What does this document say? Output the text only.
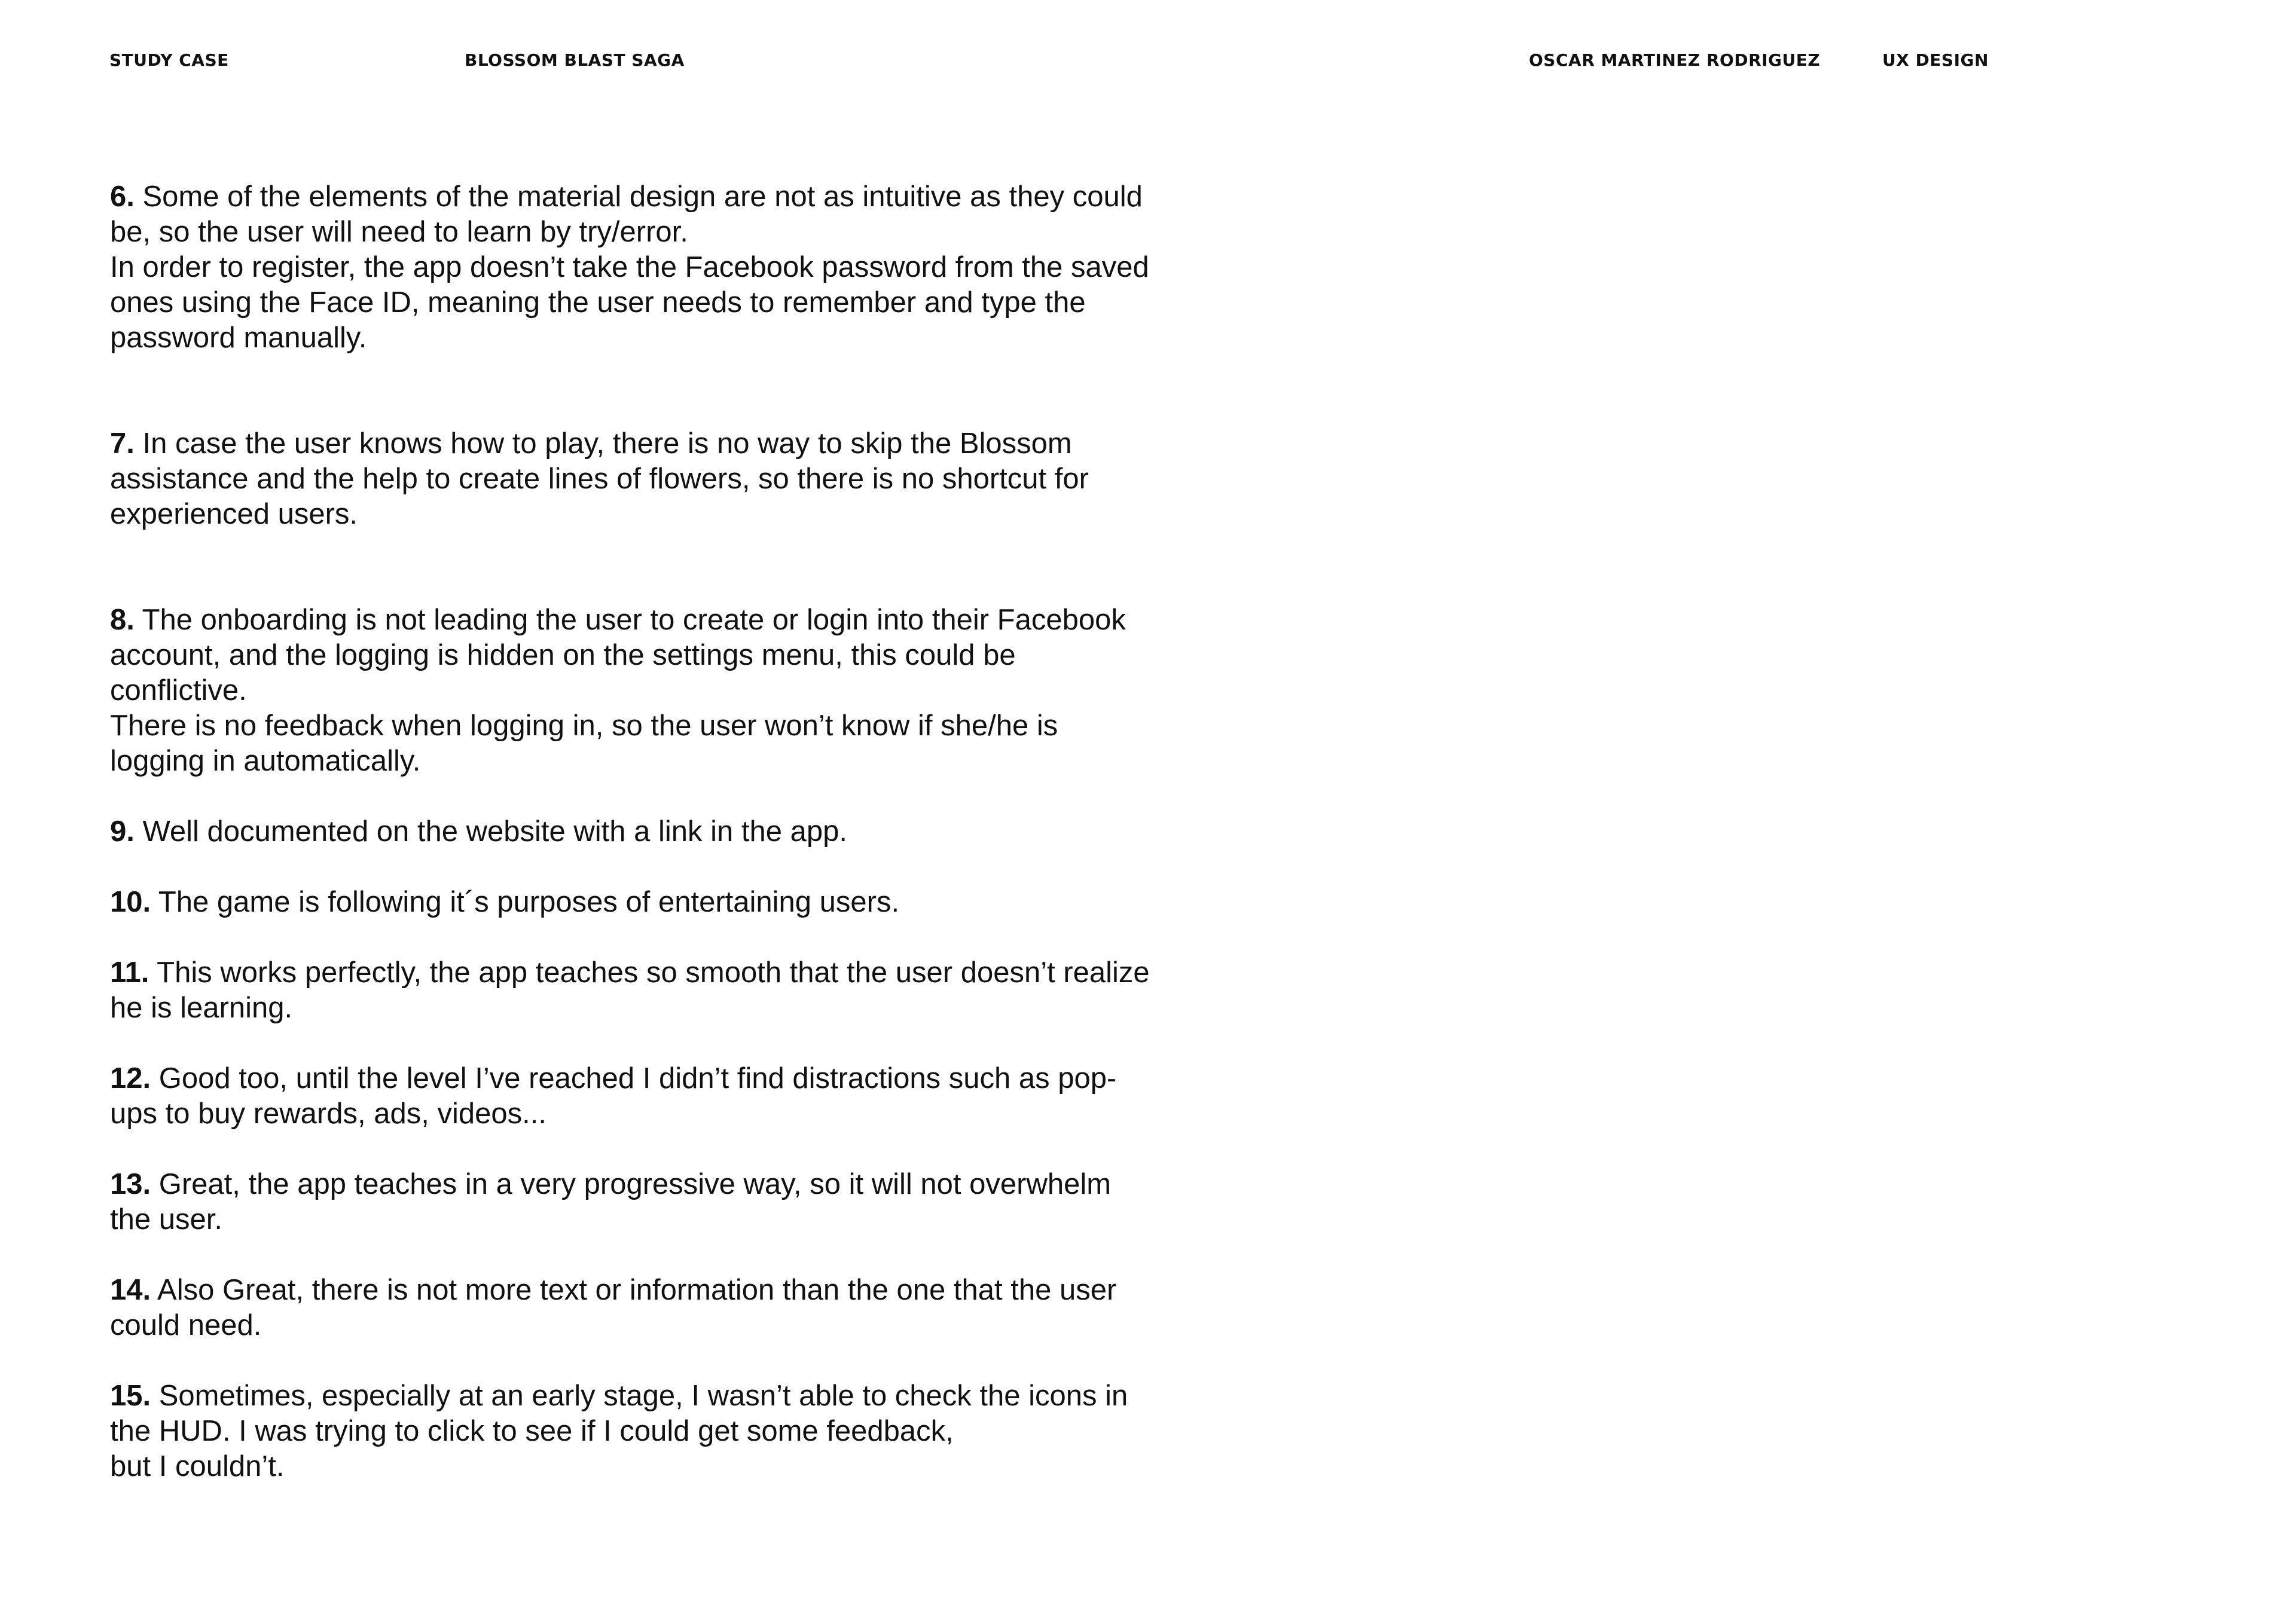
STUDY CASE	BLOSSOM BLAST SAGA	OSCAR MARTINEZ RODRIGUEZ	UX DESIGN

6. Some of the elements of the material design are not as intuitive as they could be, so the user will need to learn by try/error.

In order to register, the app doesn’t take the Facebook password from the saved ones using the Face ID, meaning the user needs to remember and type the password manually.

7. In case the user knows how to play, there is no way to skip the Blossom assistance and the help to create lines of flowers, so there is no shortcut for experienced users.

8. The onboarding is not leading the user to create or login into their Facebook account, and the logging is hidden on the settings menu, this could be conflictive.

There is no feedback when logging in, so the user won’t know if she/he is logging in automatically.

9. Well documented on the website with a link in the app.

10. The game is following it´s purposes of entertaining users.

11. This works perfectly, the app teaches so smooth that the user doesn’t realize he is learning.

12. Good too, until the level I’ve reached I didn’t find distractions such as pop-ups to buy rewards, ads, videos...

13. Great, the app teaches in a very progressive way, so it will not overwhelm the user.

14. Also Great, there is not more text or information than the one that the user could need.

15. Sometimes, especially at an early stage, I wasn’t able to check the icons in the HUD. I was trying to click to see if I could get some feedback,

but I couldn’t.
